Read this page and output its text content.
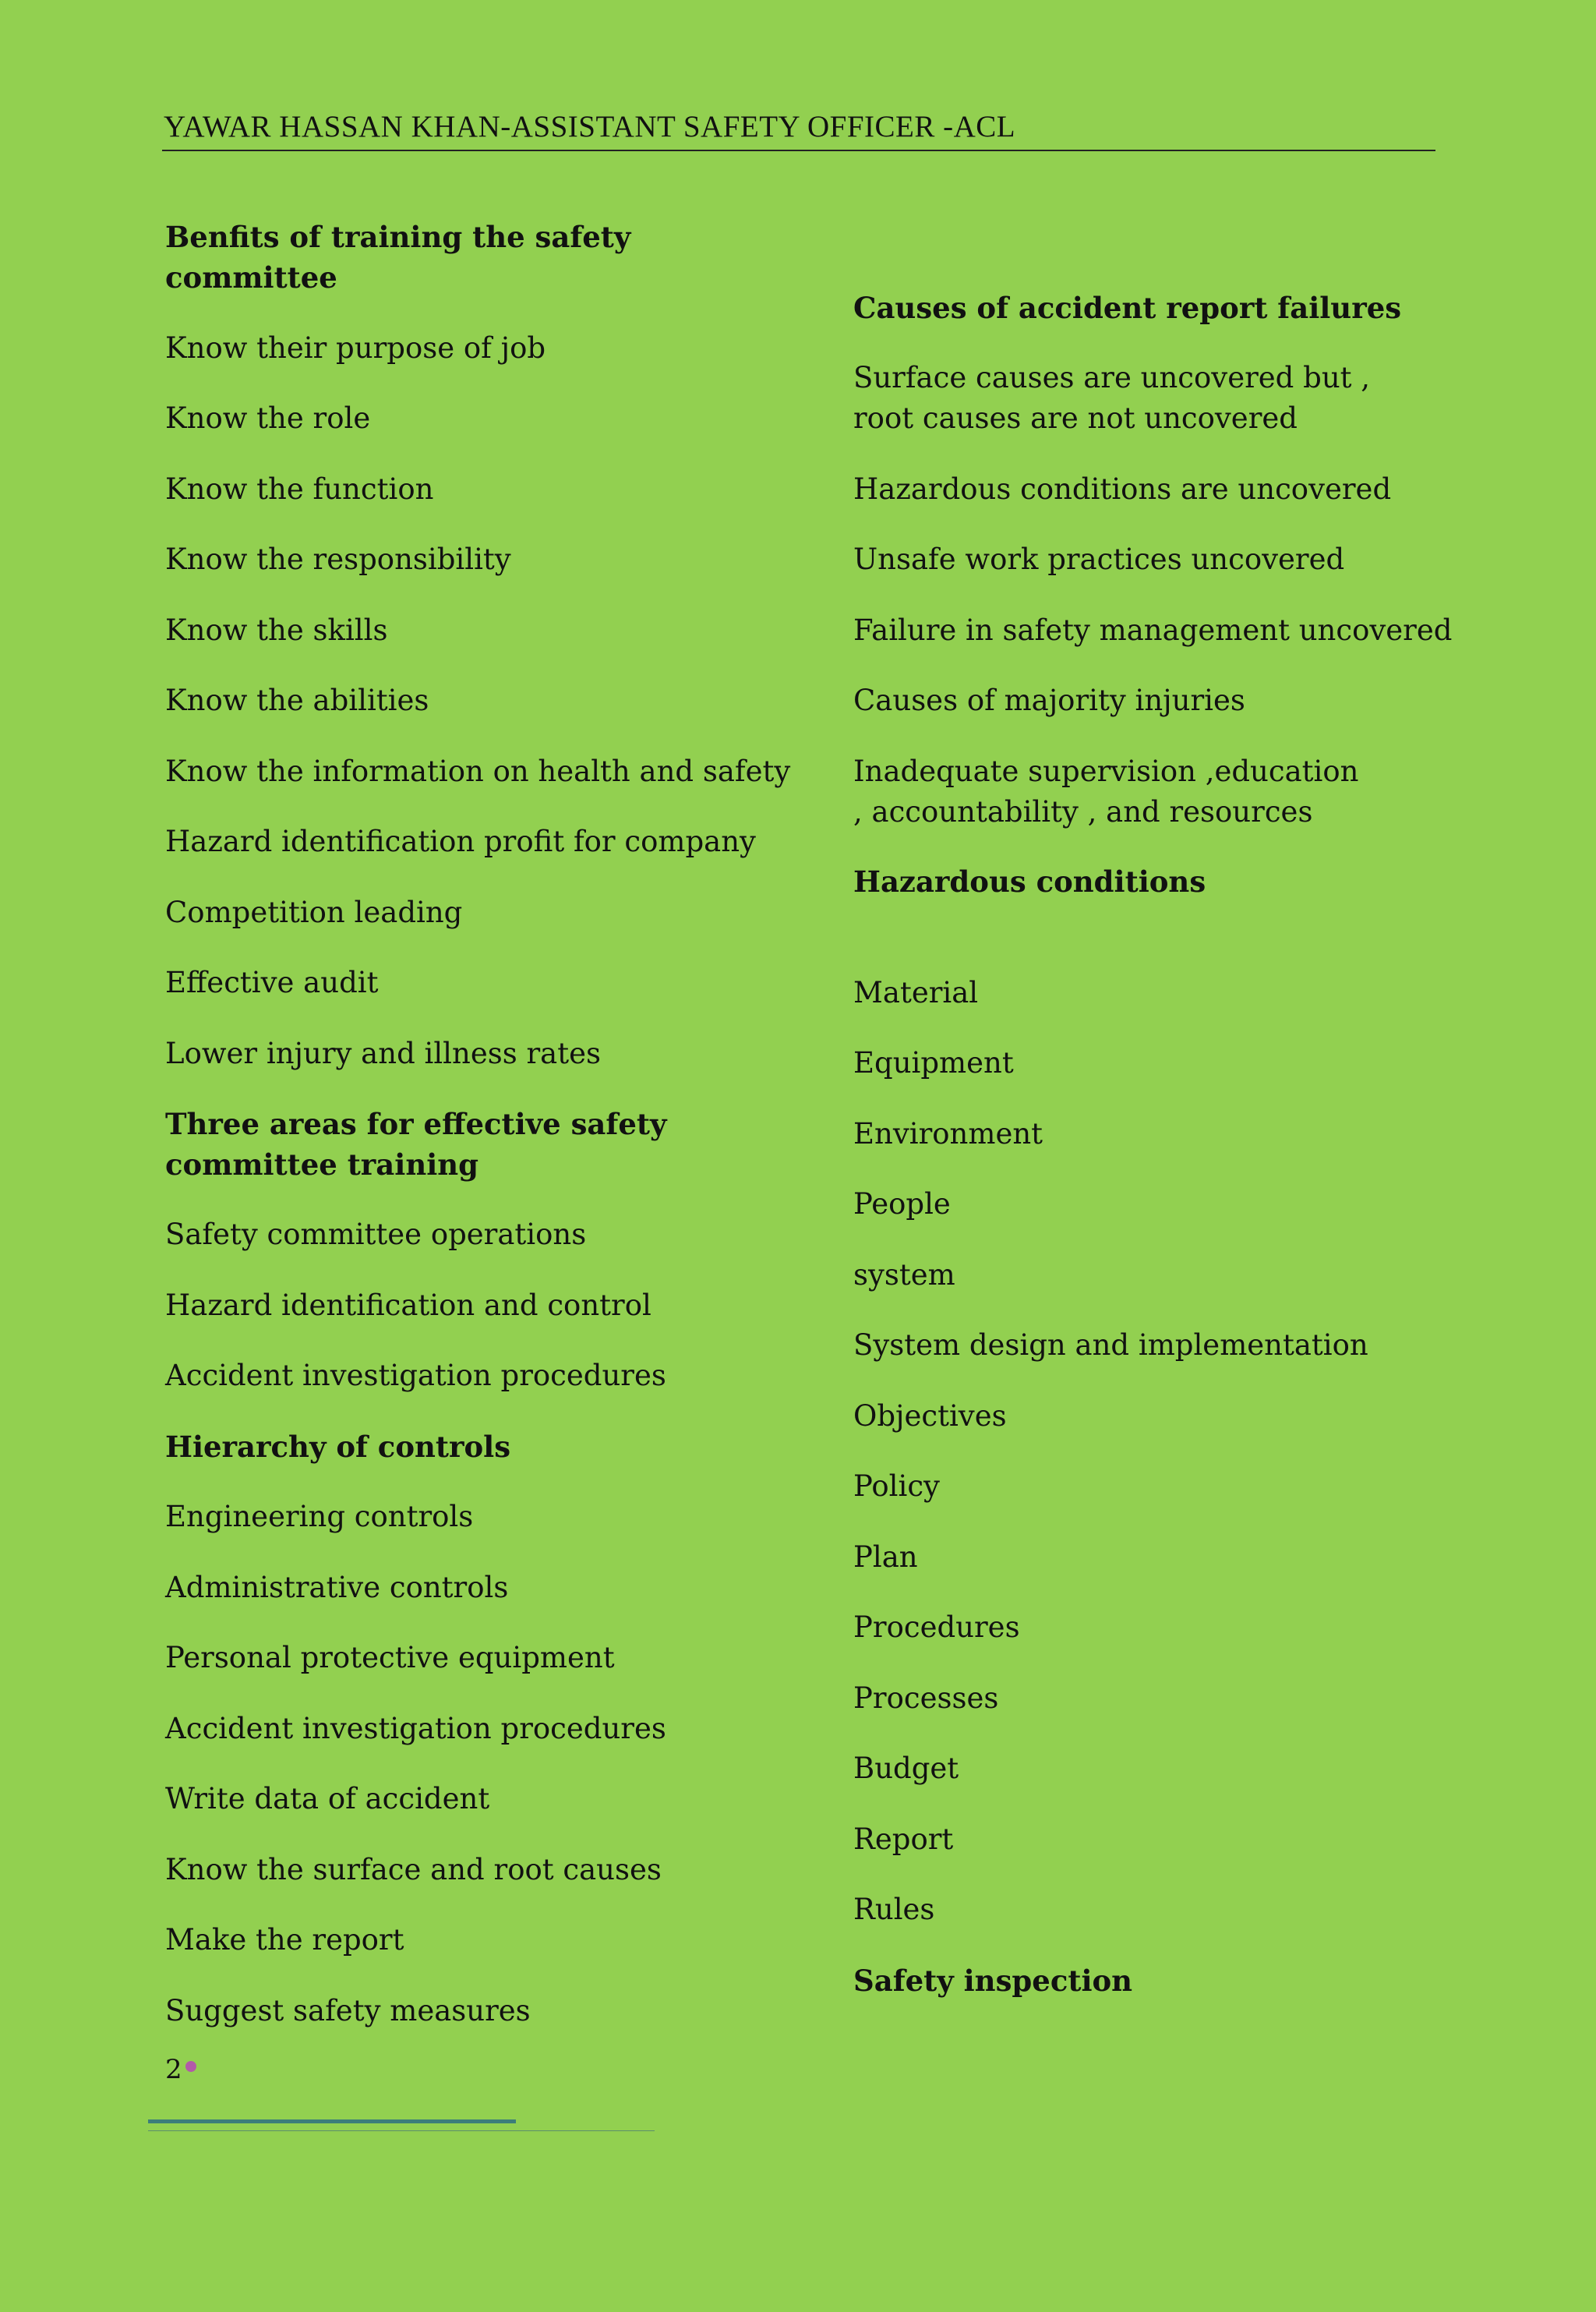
YAWAR HASSAN KHAN-ASSISTANT SAFETY OFFICER -ACL
Benfits of training the safety committee
Know their purpose of job
Know the role
Know the function
Know the responsibility
Know the skills
Know the abilities
Know the information on health and safety
Hazard identification profit for company
Competition leading
Effective audit
Lower injury and illness rates
Three areas for effective safety committee training
Safety committee operations
Hazard identification and control
Accident investigation procedures
Hierarchy of controls
Engineering controls
Administrative controls
Personal protective equipment
Accident investigation procedures
Write data of accident
Know the surface and root causes
Make the report
Suggest safety measures
Causes of accident report failures
Surface causes are uncovered but , root causes are not uncovered
Hazardous conditions are uncovered
Unsafe work practices uncovered
Failure in safety management uncovered
Causes of majority injuries
Inadequate supervision ,education , accountability , and resources
Hazardous conditions
Material
Equipment
Environment
People
system
System design and implementation
Objectives
Policy
Plan
Procedures
Processes
Budget
Report
Rules
Safety inspection
2
